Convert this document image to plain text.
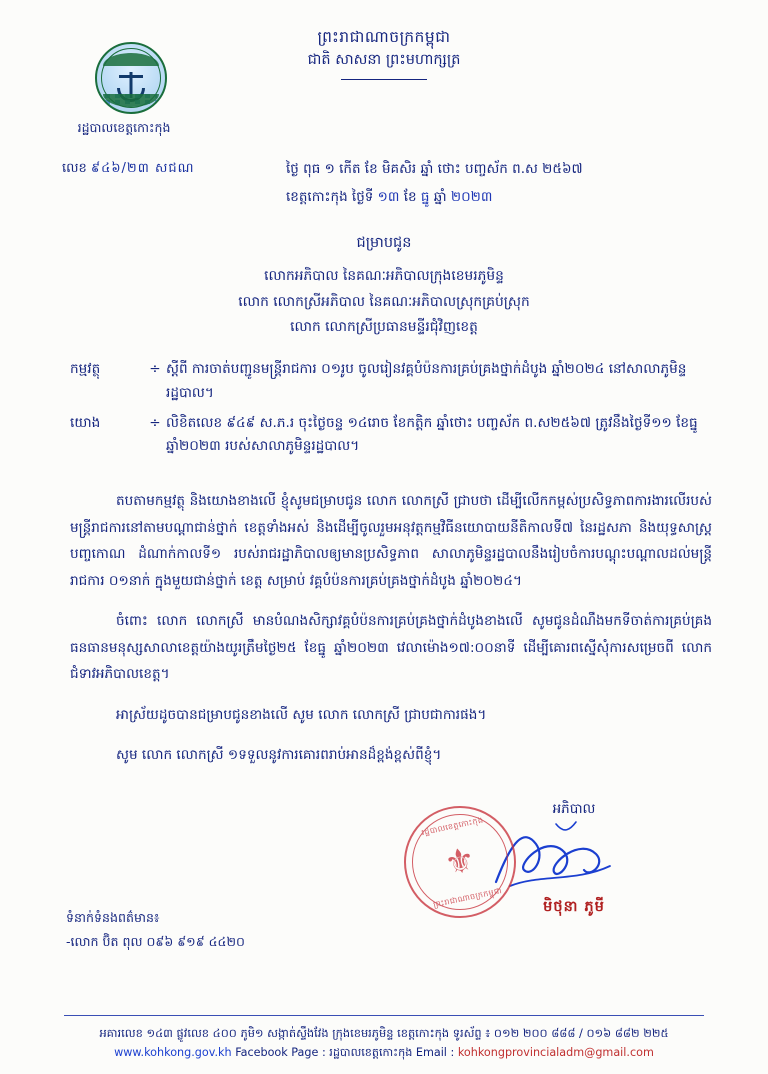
ព្រះរាជាណាចក្រកម្ពុជា
ជាតិ សាសនា ព្រះមហាក្សត្រ
រដ្ឋបាលខេត្តកោះកុង
លេខ ៩៤៦/២៣ សជណ	ថ្ងៃ ពុធ ១ កើត ខែ មិគសិរ ឆ្នាំ ថោះ បញ្ចស័ក ព.ស ២៥៦៧
ខេត្តកោះកុង ថ្ងៃទី ១៣ ខែ ធ្នូ ឆ្នាំ ២០២៣
ជម្រាបជូន
លោកអភិបាល នៃគណៈអភិបាលក្រុងខេមរភូមិន្ទ
លោក លោកស្រីអភិបាល នៃគណៈអភិបាលស្រុកគ្រប់ស្រុក
លោក លោកស្រីប្រធានមន្ទីរជុំវិញខេត្ត
កម្មវត្ថុ	÷ ស្ដីពី ការចាត់បញ្ជូនមន្ត្រីរាជការ ០១រូប ចូលរៀនវគ្គបំប៉នការគ្រប់គ្រងថ្នាក់ដំបូង ឆ្នាំ២០២៤ នៅសាលាភូមិន្ទរដ្ឋបាល។
យោង	÷ លិខិតលេខ ៩៤៩ ស.ភ.រ ចុះថ្ងៃចន្ទ ១៤រោច ខែកត្តិក ឆ្នាំថោះ បញ្ចស័ក ព.ស២៥៦៧ ត្រូវនឹងថ្ងៃទី១១ ខែធ្នូ ឆ្នាំ២០២៣ របស់សាលាភូមិន្ទរដ្ឋបាល។

តបតាមកម្មវត្ថុ និងយោងខាងលើ ខ្ញុំសូមជម្រាបជូន លោក លោកស្រី ជ្រាបថា ដើម្បីលើកកម្ពស់ប្រសិទ្ធភាពការងារលើរបស់មន្ត្រីរាជការនៅតាមបណ្ដាជាន់ថ្នាក់ ខេត្តទាំងអស់ និងដើម្បីចូលរួមអនុវត្តកម្មវិធីនយោបាយនីតិកាលទី៧ នៃរដ្ឋសភា និងយុទ្ធសាស្រ្តបញ្ចកោណ ដំណាក់កាលទី១ របស់រាជរដ្ឋាភិបាលឲ្យមានប្រសិទ្ធភាព សាលាភូមិន្ទរដ្ឋបាលនឹងរៀបចំការបណ្ដុះបណ្ដាលដល់មន្ត្រីរាជការ ០១នាក់ ក្នុងមួយជាន់ថ្នាក់ ខេត្ត សម្រាប់ វគ្គបំប៉នការគ្រប់គ្រងថ្នាក់ដំបូង ឆ្នាំ២០២៤។

ចំពោះ លោក លោកស្រី មានបំណងសិក្សាវគ្គបំប៉នការគ្រប់គ្រងថ្នាក់ដំបូងខាងលើ សូមជូនដំណឹងមកទីចាត់ការគ្រប់គ្រងធនធានមនុស្សសាលាខេត្តយ៉ាងយូរត្រឹមថ្ងៃ២៥ ខែធ្នូ ឆ្នាំ២០២៣ វេលាម៉ោង១៧:០០នាទី ដើម្បីគោរពស្នើសុំការសម្រេចពី លោកជំទាវអភិបាលខេត្ត។

អាស្រ័យដូចបានជម្រាបជូនខាងលើ សូម លោក លោកស្រី ជ្រាបជាការផង។

សូម លោក លោកស្រី ១ទទួលនូវការគោរពរាប់អានដ៏ខ្ពង់ខ្ពស់ពីខ្ញុំ។

អភិបាល
មិថុនា ភូមី
រដ្ឋបាលខេត្តកោះកុង
⚜
ព្រះរាជាណាចក្រកម្ពុជា
ទំនាក់ទំនងពត៌មាន៖
-លោក ប៊ិត ពុល ០៩៦ ៩១៩ ៤៤២០
អគារលេខ ១៤៣ ផ្លូវលេខ ៤០០ ភូមិ១ សង្កាត់ស្ទឹងវែង ក្រុងខេមរភូមិន្ទ ខេត្តកោះកុង ទូរស័ព្ទ ៖ ០១២ ២០០ ៨៨៨ / ០១៦ ៨៨២ ២២៥
www.kohkong.gov.kh Facebook Page : រដ្ឋបាលខេត្តកោះកុង Email : kohkongprovincialadm@gmail.com
